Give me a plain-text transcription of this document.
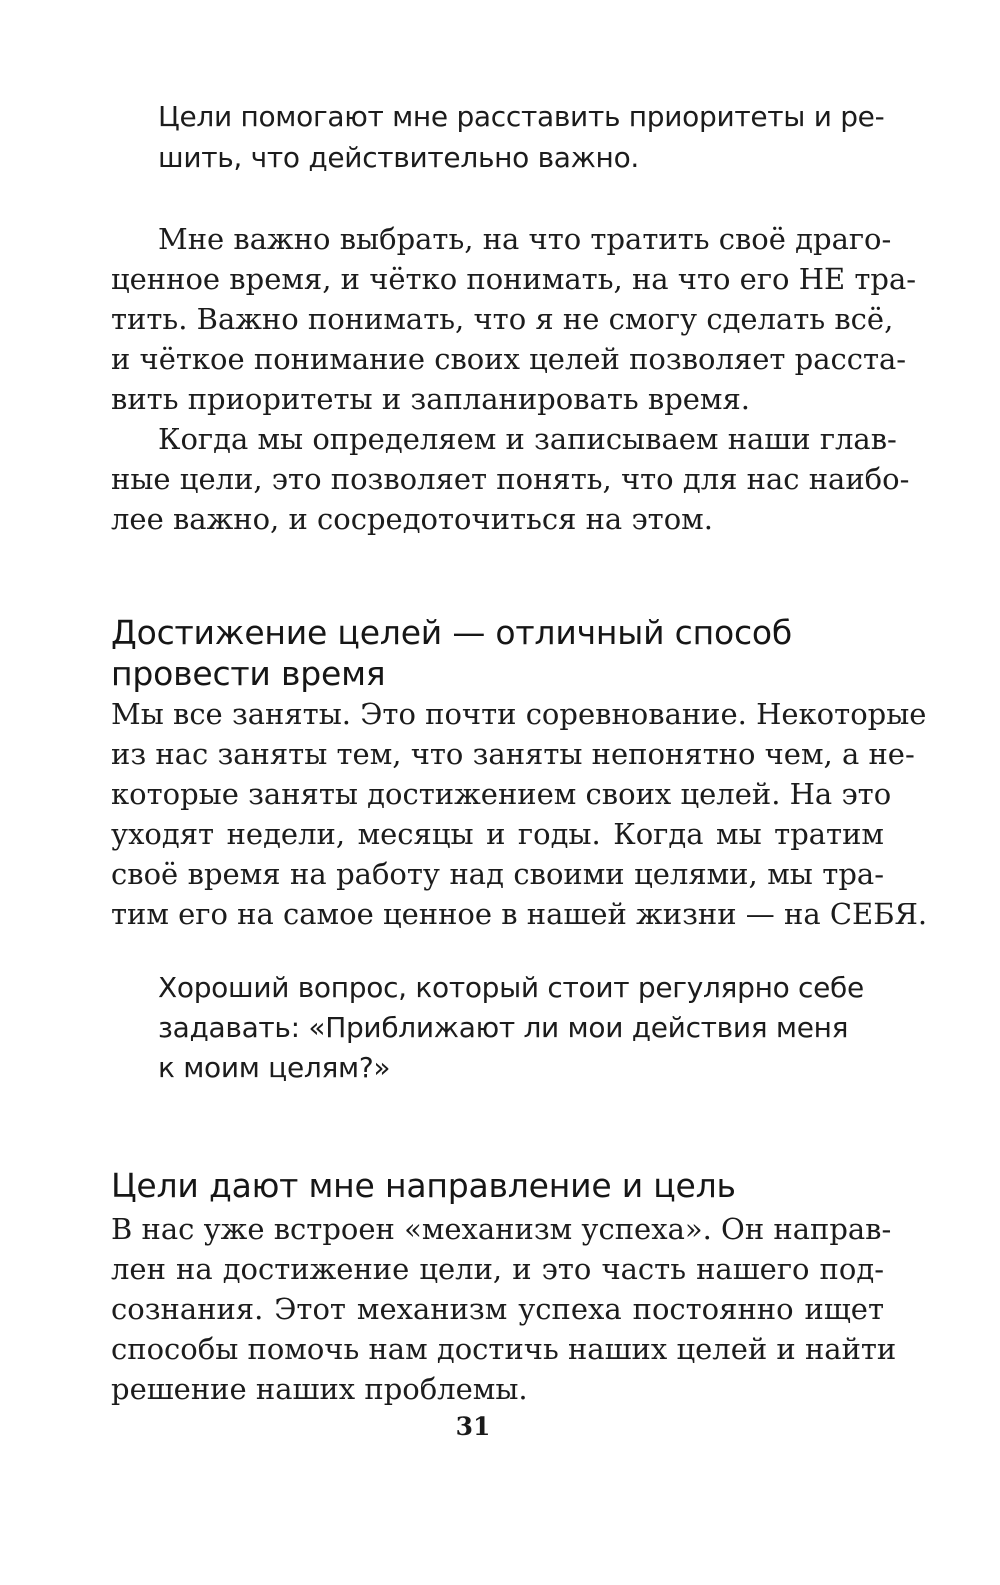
Цели помогают мне расставить приоритеты и ре-
шить, что действительно важно.
Мне важно выбрать, на что тратить своё драго-
ценное время, и чётко понимать, на что его НЕ тра-
тить. Важно понимать, что я не смогу сделать всё,
и чёткое понимание своих целей позволяет расста-
вить приоритеты и запланировать время.
Когда мы определяем и записываем наши глав-
ные цели, это позволяет понять, что для нас наибо-
лее важно, и сосредоточиться на этом.
Достижение целей — отличный способ
провести время
Мы все заняты. Это почти соревнование. Некоторые
из нас заняты тем, что заняты непонятно чем, а не-
которые заняты достижением своих целей. На это
уходят недели, месяцы и годы. Когда мы тратим
своё время на работу над своими целями, мы тра-
тим его на самое ценное в нашей жизни — на СЕБЯ.
Хороший вопрос, который стоит регулярно себе
задавать: «Приближают ли мои действия меня
к моим целям?»
Цели дают мне направление и цель
В нас уже встроен «механизм успеха». Он направ-
лен на достижение цели, и это часть нашего под-
сознания. Этот механизм успеха постоянно ищет
способы помочь нам достичь наших целей и найти
решение наших проблемы.
31
